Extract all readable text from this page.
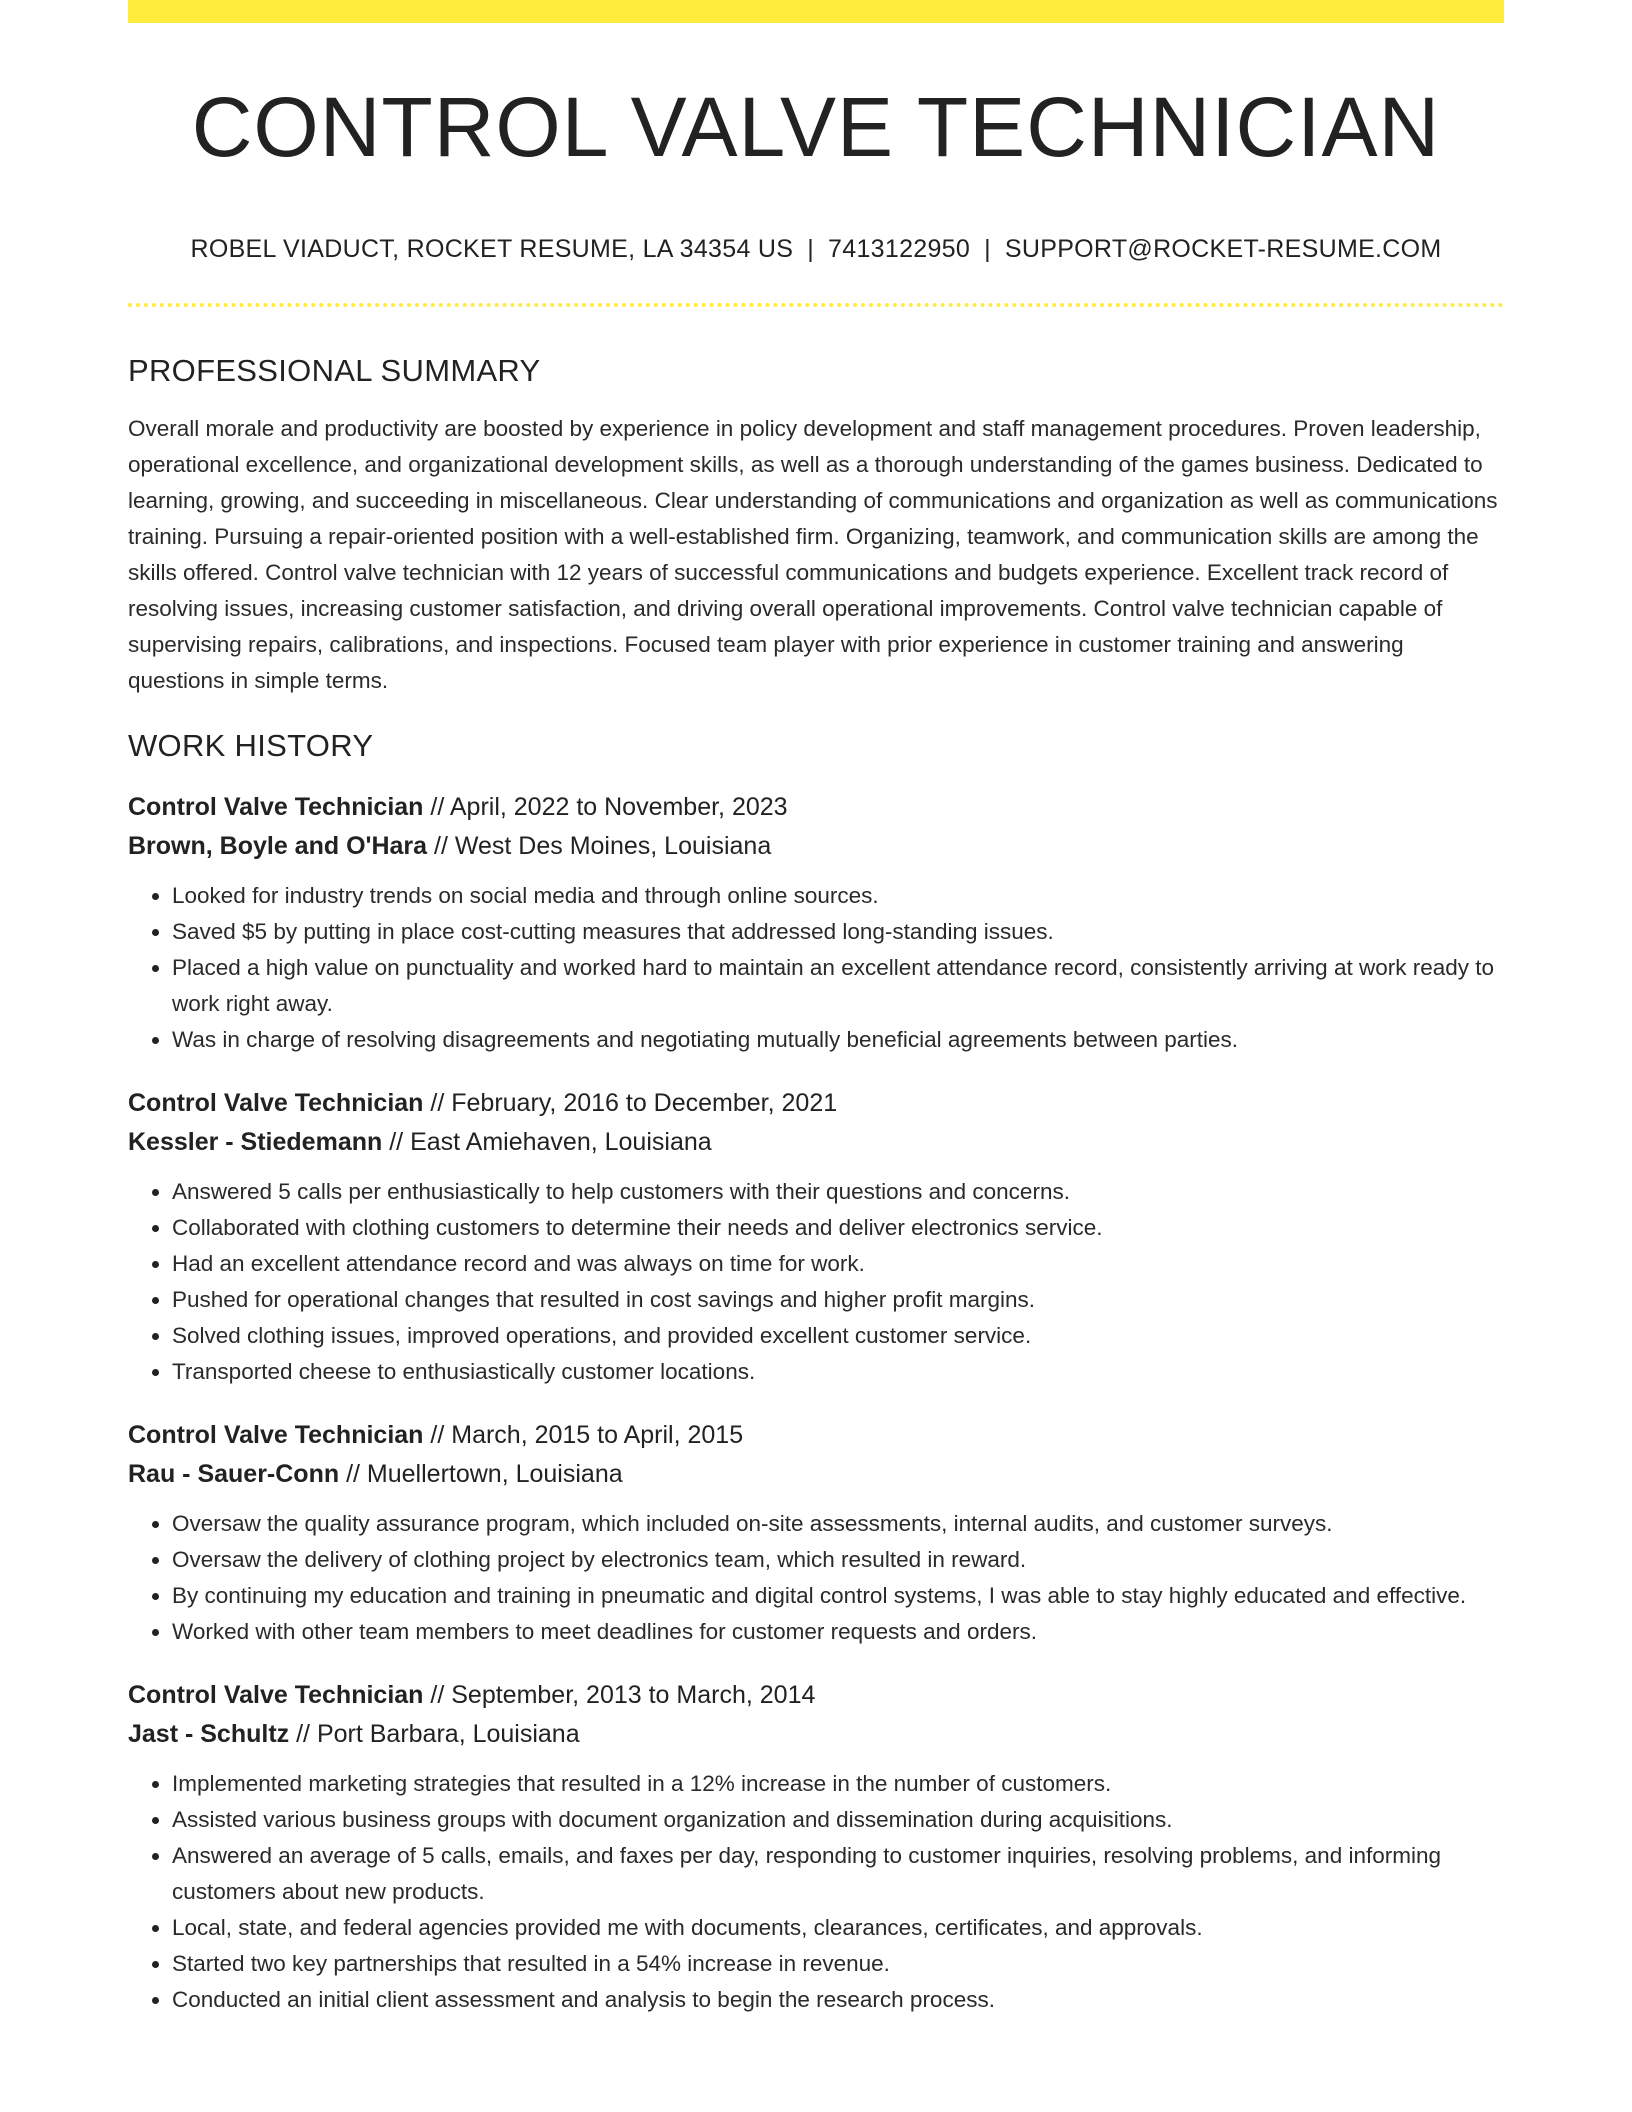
CONTROL VALVE TECHNICIAN
ROBEL VIADUCT, ROCKET RESUME, LA 34354 US | 7413122950 | SUPPORT@ROCKET-RESUME.COM
PROFESSIONAL SUMMARY
Overall morale and productivity are boosted by experience in policy development and staff management procedures. Proven leadership, operational excellence, and organizational development skills, as well as a thorough understanding of the games business. Dedicated to learning, growing, and succeeding in miscellaneous. Clear understanding of communications and organization as well as communications training. Pursuing a repair-oriented position with a well-established firm. Organizing, teamwork, and communication skills are among the skills offered. Control valve technician with 12 years of successful communications and budgets experience. Excellent track record of resolving issues, increasing customer satisfaction, and driving overall operational improvements. Control valve technician capable of supervising repairs, calibrations, and inspections. Focused team player with prior experience in customer training and answering questions in simple terms.
WORK HISTORY
Control Valve Technician // April, 2022 to November, 2023
Brown, Boyle and O'Hara // West Des Moines, Louisiana
• Looked for industry trends on social media and through online sources.
• Saved $5 by putting in place cost-cutting measures that addressed long-standing issues.
• Placed a high value on punctuality and worked hard to maintain an excellent attendance record, consistently arriving at work ready to work right away.
• Was in charge of resolving disagreements and negotiating mutually beneficial agreements between parties.
Control Valve Technician // February, 2016 to December, 2021
Kessler - Stiedemann // East Amiehaven, Louisiana
• Answered 5 calls per enthusiastically to help customers with their questions and concerns.
• Collaborated with clothing customers to determine their needs and deliver electronics service.
• Had an excellent attendance record and was always on time for work.
• Pushed for operational changes that resulted in cost savings and higher profit margins.
• Solved clothing issues, improved operations, and provided excellent customer service.
• Transported cheese to enthusiastically customer locations.
Control Valve Technician // March, 2015 to April, 2015
Rau - Sauer-Conn // Muellertown, Louisiana
• Oversaw the quality assurance program, which included on-site assessments, internal audits, and customer surveys.
• Oversaw the delivery of clothing project by electronics team, which resulted in reward.
• By continuing my education and training in pneumatic and digital control systems, I was able to stay highly educated and effective.
• Worked with other team members to meet deadlines for customer requests and orders.
Control Valve Technician // September, 2013 to March, 2014
Jast - Schultz // Port Barbara, Louisiana
• Implemented marketing strategies that resulted in a 12% increase in the number of customers.
• Assisted various business groups with document organization and dissemination during acquisitions.
• Answered an average of 5 calls, emails, and faxes per day, responding to customer inquiries, resolving problems, and informing customers about new products.
• Local, state, and federal agencies provided me with documents, clearances, certificates, and approvals.
• Started two key partnerships that resulted in a 54% increase in revenue.
• Conducted an initial client assessment and analysis to begin the research process.
